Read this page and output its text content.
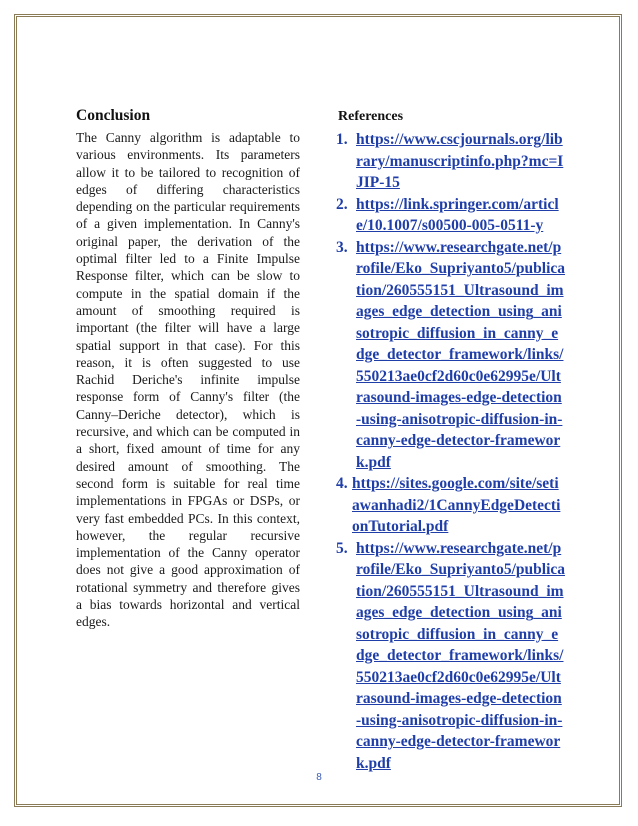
Conclusion

The Canny algorithm is adaptable to various environments. Its parameters allow it to be tailored to recognition of edges of differing characteristics depending on the particular requirements of a given implementation. In Canny's original paper, the derivation of the optimal filter led to a Finite Impulse Response filter, which can be slow to compute in the spatial domain if the amount of smoothing required is important (the filter will have a large spatial support in that case). For this reason, it is often suggested to use Rachid Deriche's infinite impulse response form of Canny's filter (the Canny–Deriche detector), which is recursive, and which can be computed in a short, fixed amount of time for any desired amount of smoothing. The second form is suitable for real time implementations in FPGAs or DSPs, or very fast embedded PCs. In this context, however, the regular recursive implementation of the Canny operator does not give a good approximation of rotational symmetry and therefore gives a bias towards horizontal and vertical edges.

References
1. https://www.cscjournals.org/library/manuscriptinfo.php?mc=IJIP-15
2. https://link.springer.com/article/10.1007/s00500-005-0511-y
3. https://www.researchgate.net/profile/Eko_Supriyanto5/publication/260555151_Ultrasound_images_edge_detection_using_anisotropic_diffusion_in_canny_edge_detector_framework/links/550213ae0cf2d60c0e62995e/Ultrasound-images-edge-detection-using-anisotropic-diffusion-in-canny-edge-detector-framework.pdf
4. https://sites.google.com/site/setiawanhadi2/1CannyEdgeDetectionTutorial.pdf
5. https://www.researchgate.net/profile/Eko_Supriyanto5/publication/260555151_Ultrasound_images_edge_detection_using_anisotropic_diffusion_in_canny_edge_detector_framework/links/550213ae0cf2d60c0e62995e/Ultrasound-images-edge-detection-using-anisotropic-diffusion-in-canny-edge-detector-framework.pdf
8
